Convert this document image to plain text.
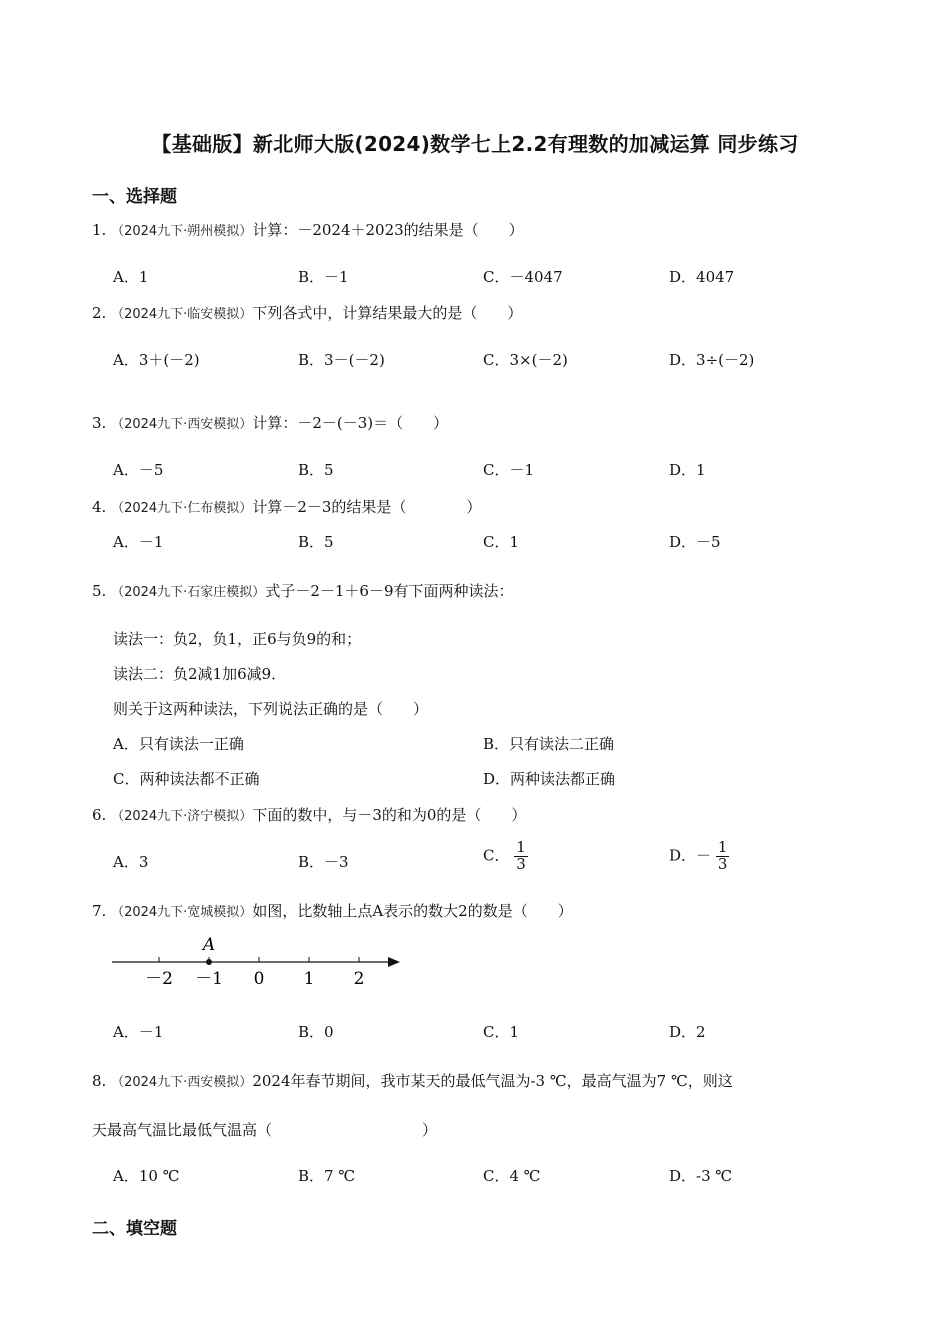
【基础版】新北师大版(2024)数学七上2.2有理数的加减运算 同步练习
一、选择题
1. （2024九下·朔州模拟）计算：－2024＋2023的结果是（　　）
A．1	B．－1	C．－4047	D．4047
2. （2024九下·临安模拟）下列各式中，计算结果最大的是（　　）
A．3＋(－2)	B．3－(－2)	C．3×(－2)	D．3÷(－2)
3. （2024九下·西安模拟）计算：－2－(－3)＝（　　）
A．－5	B．5	C．－1	D．1
4. （2024九下·仁布模拟）计算－2－3的结果是（　　　　）
A．－1	B．5	C．1	D．－5
5. （2024九下·石家庄模拟）式子－2－1＋6－9有下面两种读法：
读法一：负2，负1，正6与负9的和；
读法二：负2减1加6减9．
则关于这两种读法，下列说法正确的是（　　）
A．只有读法一正确	B．只有读法二正确
C．两种读法都不正确	D．两种读法都正确
6. （2024九下·济宁模拟）下面的数中，与－3的和为0的是（　　）
A．3	B．－3	C． $\frac{1}{3}$	D．－ $\frac{1}{3}$
7. （2024九下·宽城模拟）如图，比数轴上点A表示的数大2的数是（　　）
－2 －1 0 1 2
A
A．－1	B．0	C．1	D．2
8. （2024九下·西安模拟）2024年春节期间，我市某天的最低气温为-3 ℃，最高气温为7 ℃，则这
天最高气温比最低气温高（　　　　　　　　　　）
A．10 ℃	B．7 ℃	C．4 ℃	D．-3 ℃
二、填空题
